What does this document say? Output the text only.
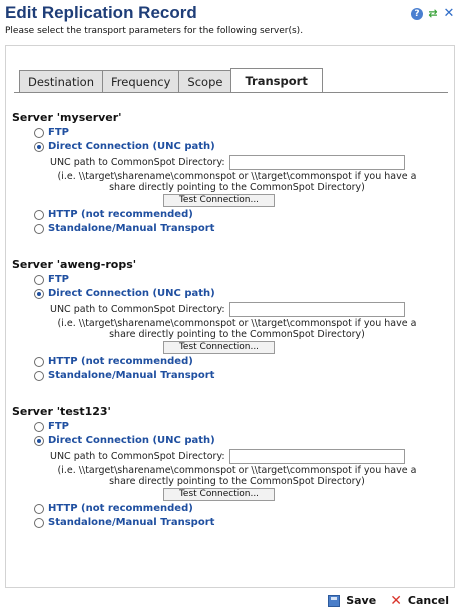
Edit Replication Record
Please select the transport parameters for the following server(s).
? ⇄ ✕
Destination	Frequency	Scope	Transport
Server 'myserver'
FTP
Direct Connection (UNC path)
UNC path to CommonSpot Directory:
(i.e. \\target\sharename\commonspot or \\target\commonspot if you have a share directly pointing to the CommonSpot Directory)
Test Connection...
HTTP (not recommended)
Standalone/Manual Transport
Server 'aweng-rops'
FTP
Direct Connection (UNC path)
UNC path to CommonSpot Directory:
(i.e. \\target\sharename\commonspot or \\target\commonspot if you have a share directly pointing to the CommonSpot Directory)
Test Connection...
HTTP (not recommended)
Standalone/Manual Transport
Server 'test123'
FTP
Direct Connection (UNC path)
UNC path to CommonSpot Directory:
(i.e. \\target\sharename\commonspot or \\target\commonspot if you have a share directly pointing to the CommonSpot Directory)
Test Connection...
HTTP (not recommended)
Standalone/Manual Transport
Save ✕ Cancel
